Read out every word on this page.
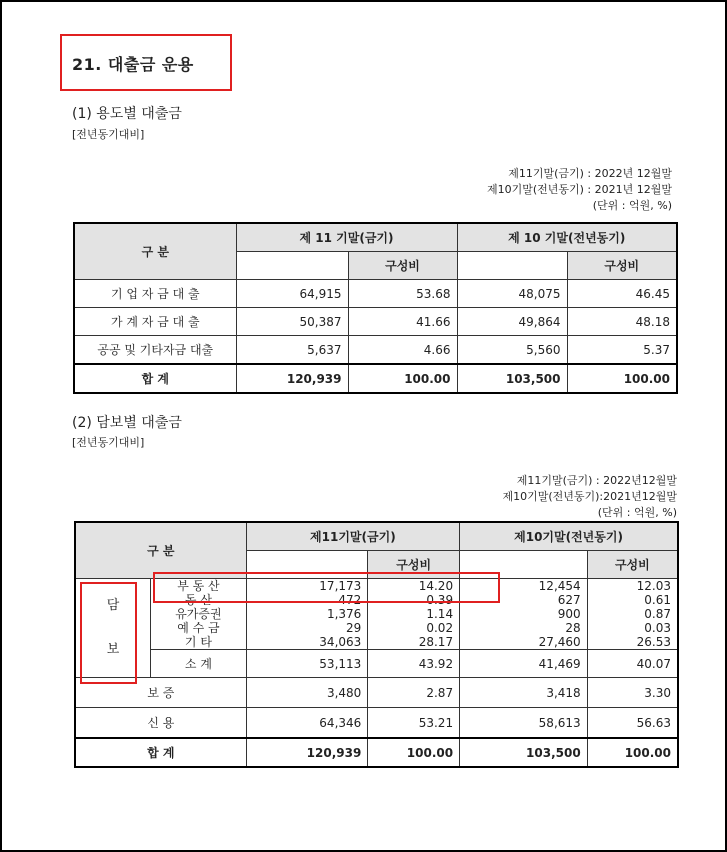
21. 대출금 운용
(1) 용도별 대출금
[전년동기대비]
제11기말(금기) : 2022년 12월말
제10기말(전년동기) : 2021년 12월말
(단위 : 억원, %)
구 분	제 11 기말(금기)		제 10 기말(전년동기)	
		구성비		구성비
기 업 자 금 대 출	64,915	53.68	48,075	46.45
가 계 자 금 대 출	50,387	41.66	49,864	48.18
공공 및 기타자금 대출	5,637	4.66	5,560	5.37
합 계	120,939	100.00	103,500	100.00
(2) 담보별 대출금
[전년동기대비]
제11기말(금기) : 2022년12월말
제10기말(전년동기):2021년12월말
(단위 : 억원, %)
구 분		제11기말(금기)		제10기말(전년동기)	
			구성비		구성비

담
보	부 동 산	17,173	14.20	12,454	12.03
	동 산	472	0.39	627	0.61
	유가증권	1,376	1.14	900	0.87
	예 수 금	29	0.02	28	0.03
	기 타	34,063	28.17	27,460	26.53
	소 계	53,113	43.92	41,469	40.07
보 증		3,480	2.87	3,418	3.30
신 용		64,346	53.21	58,613	56.63
합 계		120,939	100.00	103,500	100.00
